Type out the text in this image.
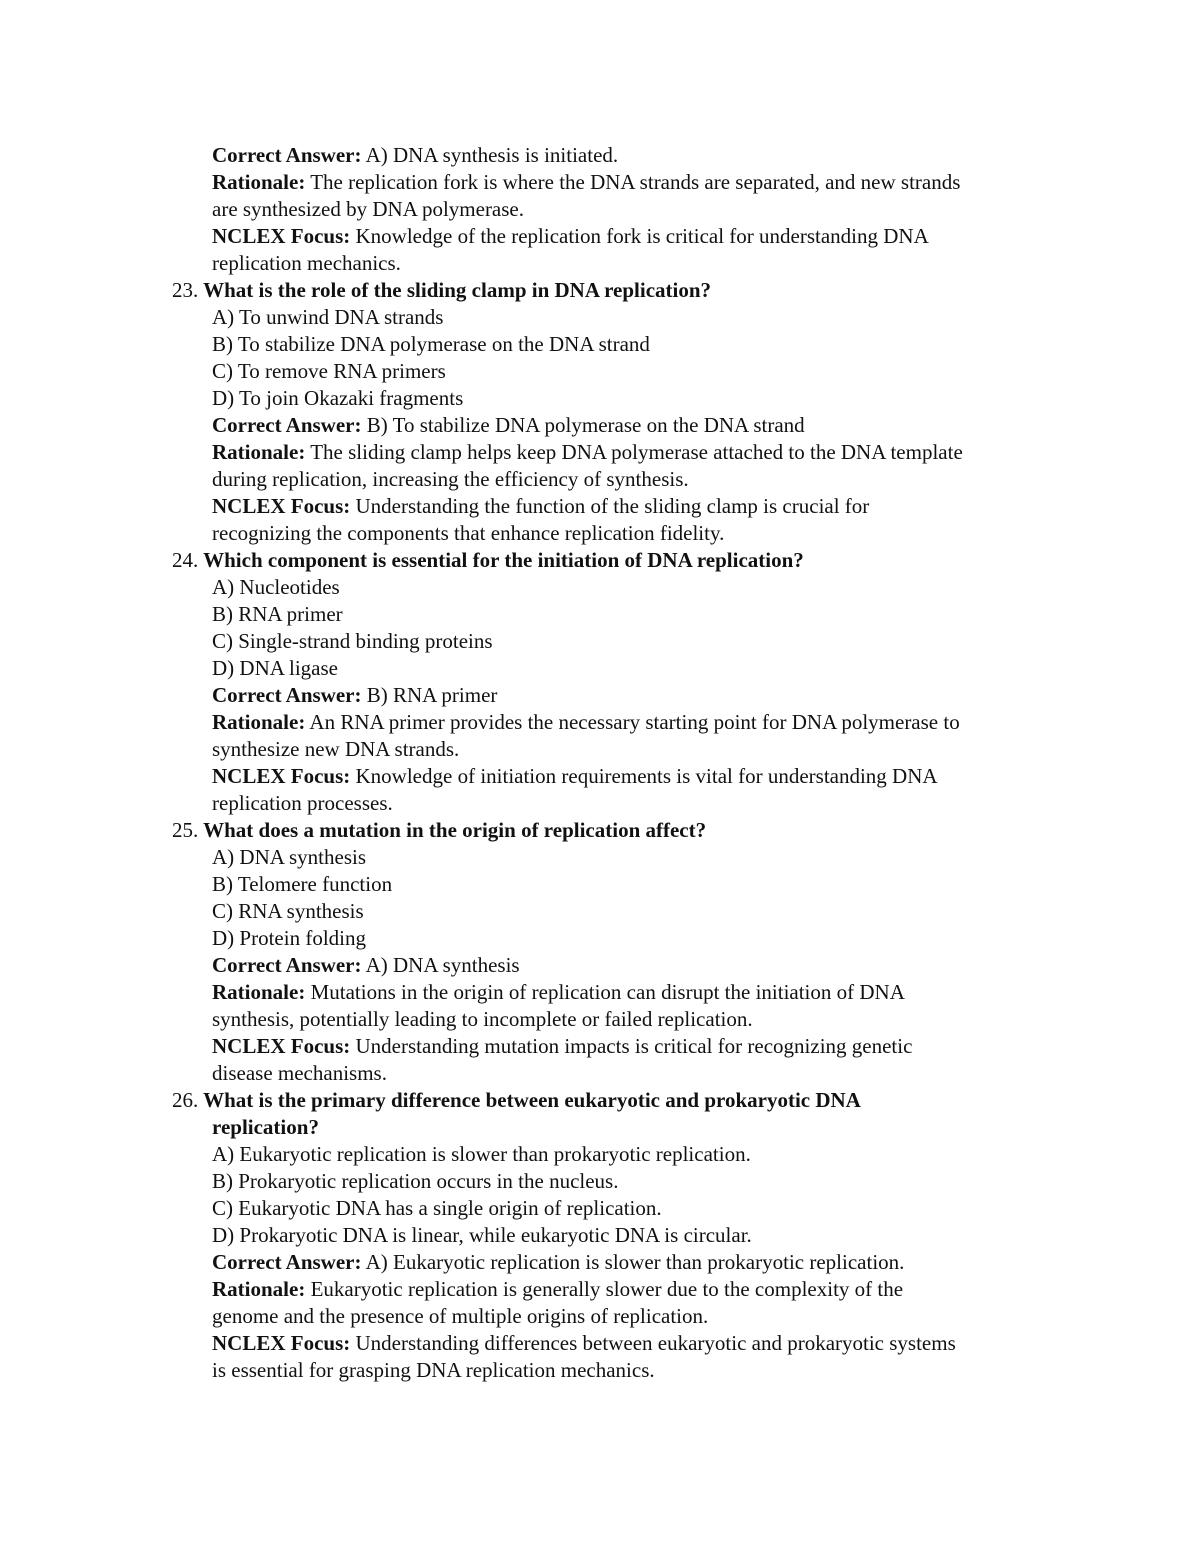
Correct Answer: A) DNA synthesis is initiated.
Rationale: The replication fork is where the DNA strands are separated, and new strands
are synthesized by DNA polymerase.
NCLEX Focus: Knowledge of the replication fork is critical for understanding DNA
replication mechanics.
23. What is the role of the sliding clamp in DNA replication?
A) To unwind DNA strands
B) To stabilize DNA polymerase on the DNA strand
C) To remove RNA primers
D) To join Okazaki fragments
Correct Answer: B) To stabilize DNA polymerase on the DNA strand
Rationale: The sliding clamp helps keep DNA polymerase attached to the DNA template
during replication, increasing the efficiency of synthesis.
NCLEX Focus: Understanding the function of the sliding clamp is crucial for
recognizing the components that enhance replication fidelity.
24. Which component is essential for the initiation of DNA replication?
A) Nucleotides
B) RNA primer
C) Single-strand binding proteins
D) DNA ligase
Correct Answer: B) RNA primer
Rationale: An RNA primer provides the necessary starting point for DNA polymerase to
synthesize new DNA strands.
NCLEX Focus: Knowledge of initiation requirements is vital for understanding DNA
replication processes.
25. What does a mutation in the origin of replication affect?
A) DNA synthesis
B) Telomere function
C) RNA synthesis
D) Protein folding
Correct Answer: A) DNA synthesis
Rationale: Mutations in the origin of replication can disrupt the initiation of DNA
synthesis, potentially leading to incomplete or failed replication.
NCLEX Focus: Understanding mutation impacts is critical for recognizing genetic
disease mechanisms.
26. What is the primary difference between eukaryotic and prokaryotic DNA
replication?
A) Eukaryotic replication is slower than prokaryotic replication.
B) Prokaryotic replication occurs in the nucleus.
C) Eukaryotic DNA has a single origin of replication.
D) Prokaryotic DNA is linear, while eukaryotic DNA is circular.
Correct Answer: A) Eukaryotic replication is slower than prokaryotic replication.
Rationale: Eukaryotic replication is generally slower due to the complexity of the
genome and the presence of multiple origins of replication.
NCLEX Focus: Understanding differences between eukaryotic and prokaryotic systems
is essential for grasping DNA replication mechanics.
